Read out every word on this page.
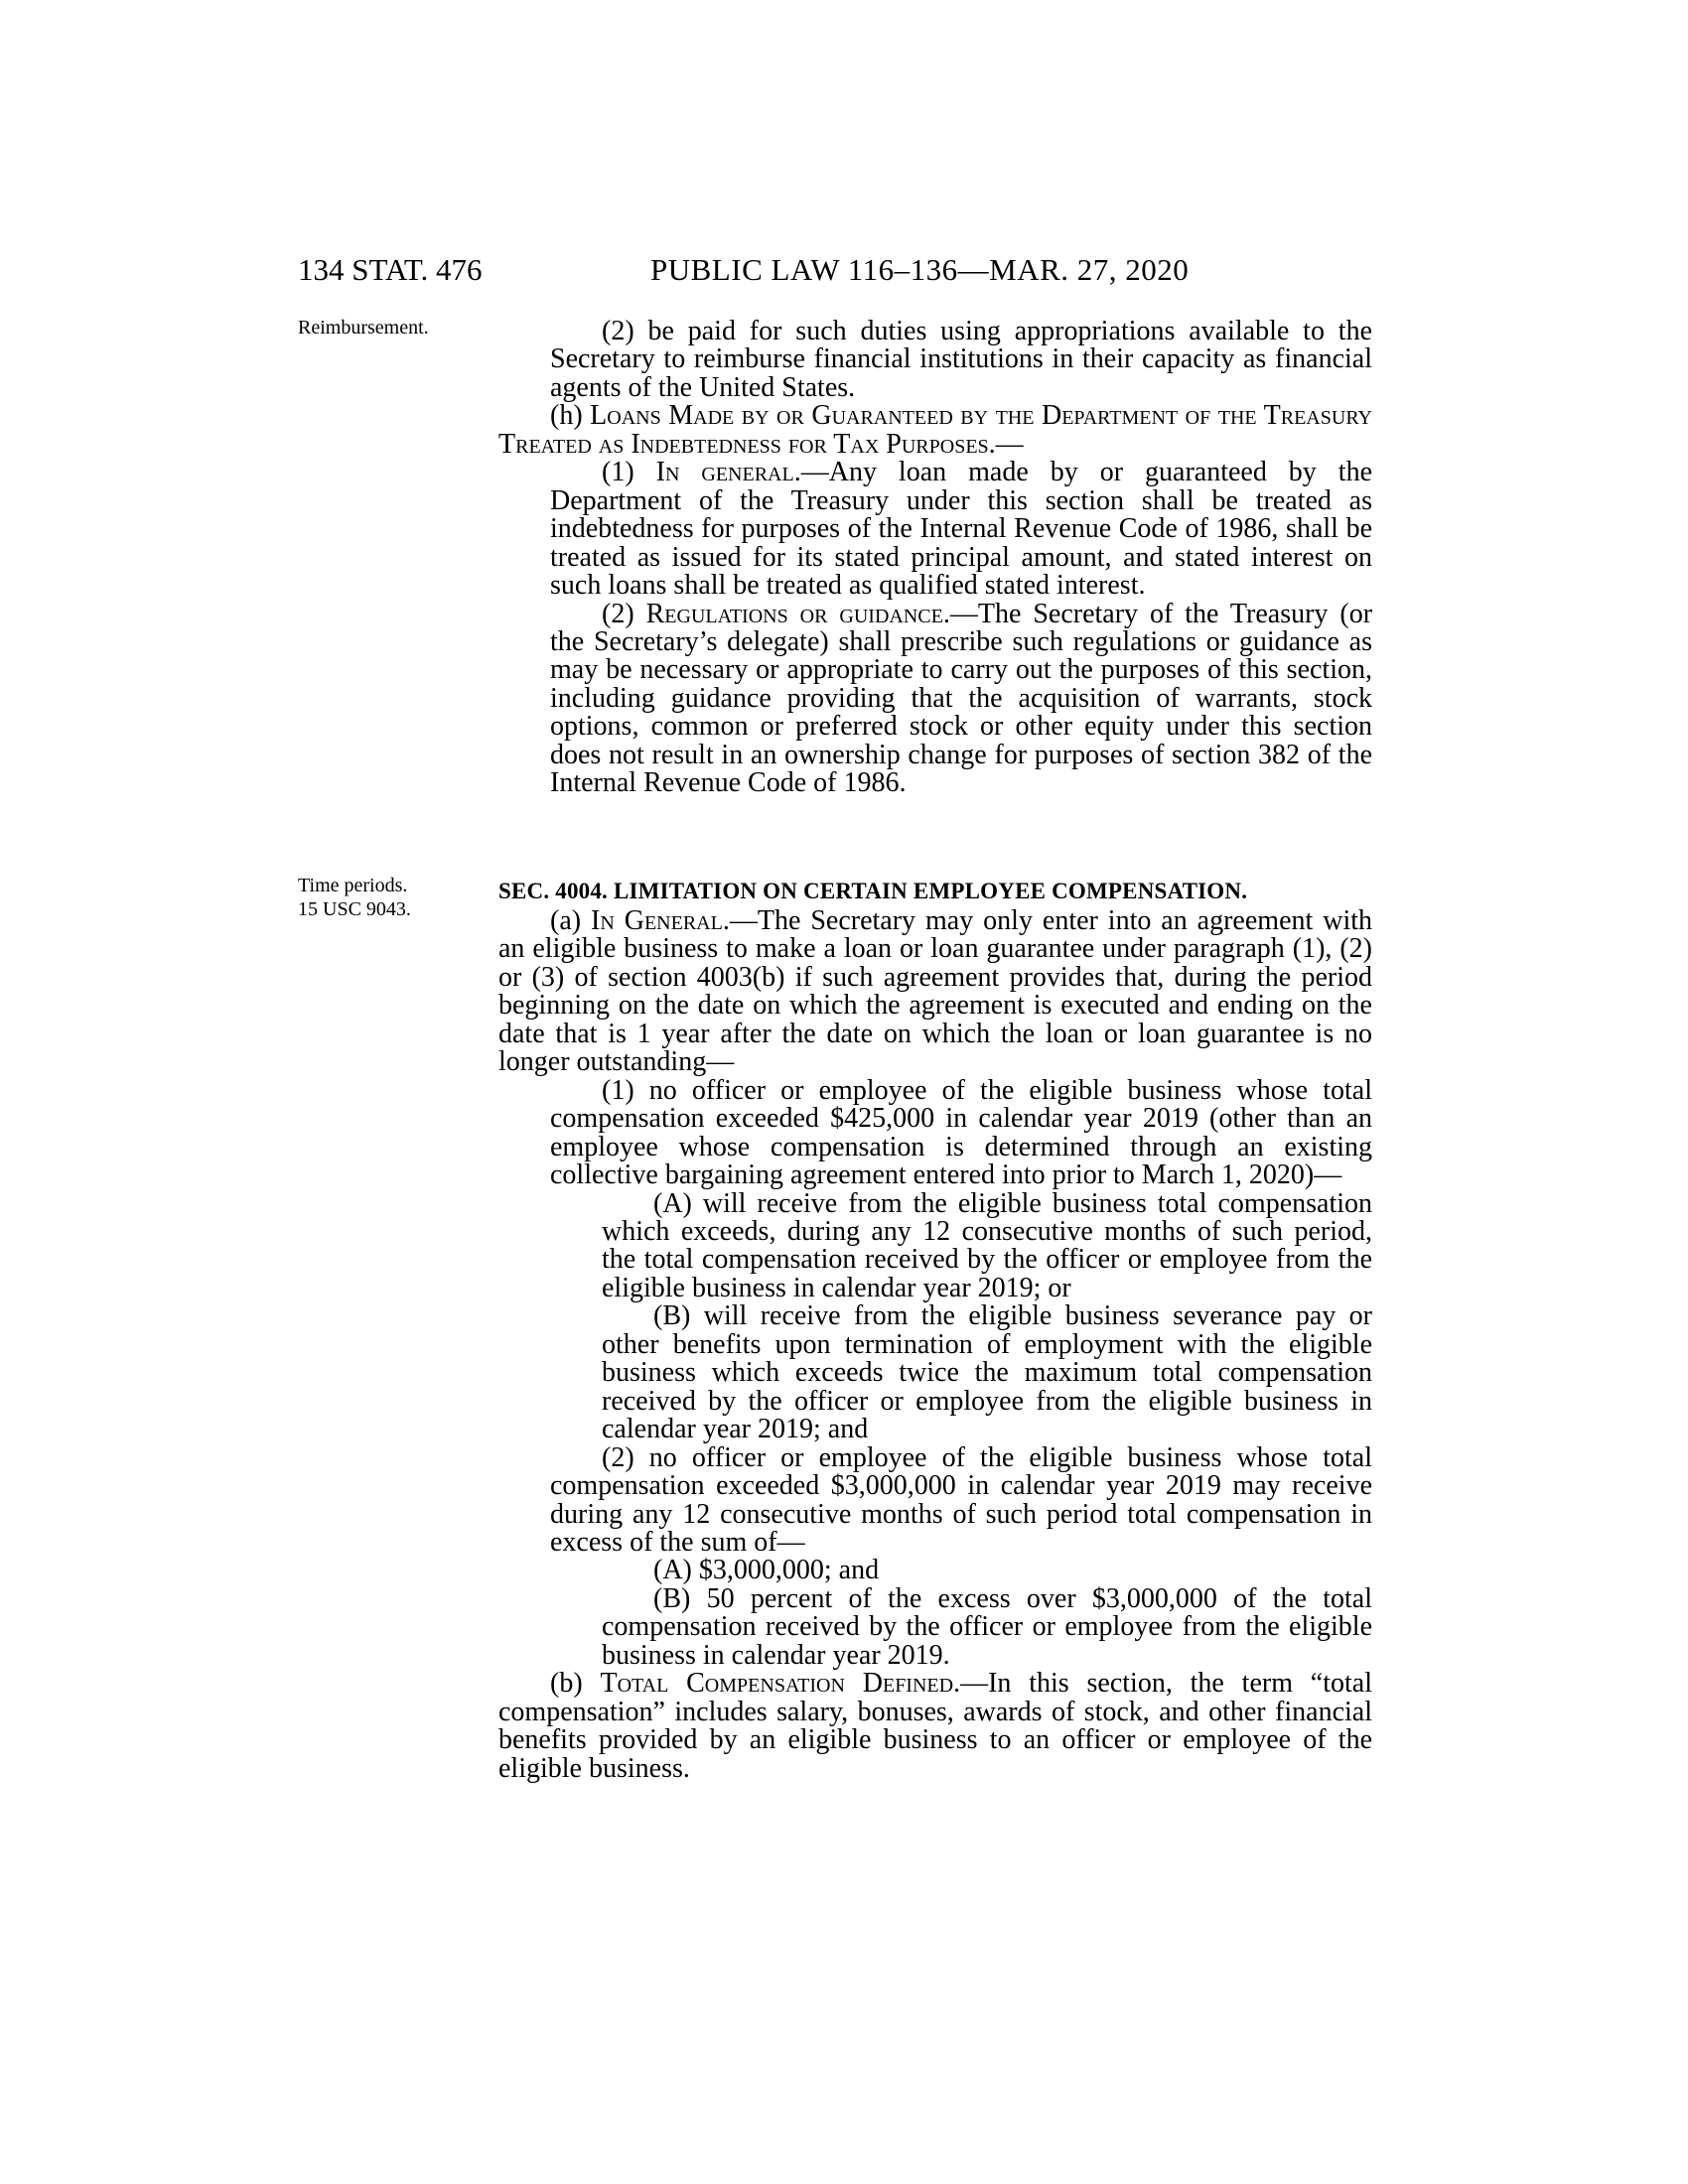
134 STAT. 476	PUBLIC LAW 116–136—MAR. 27, 2020
Reimbursement.
Time periods.
15 USC 9043.

(2) be paid for such duties using appropriations available to the Secretary to reimburse financial institutions in their capacity as financial agents of the United States.

(h) Loans Made by or Guaranteed by the Department of the Treasury Treated as Indebtedness for Tax Purposes.—

(1) In general.—Any loan made by or guaranteed by the Department of the Treasury under this section shall be treated as indebtedness for purposes of the Internal Revenue Code of 1986, shall be treated as issued for its stated principal amount, and stated interest on such loans shall be treated as qualified stated interest.

(2) Regulations or guidance.—The Secretary of the Treasury (or the Secretary’s delegate) shall prescribe such regulations or guidance as may be necessary or appropriate to carry out the purposes of this section, including guidance providing that the acquisition of warrants, stock options, common or preferred stock or other equity under this section does not result in an ownership change for purposes of section 382 of the Internal Revenue Code of 1986.

SEC. 4004. LIMITATION ON CERTAIN EMPLOYEE COMPENSATION.

(a) In General.—The Secretary may only enter into an agreement with an eligible business to make a loan or loan guarantee under paragraph (1), (2) or (3) of section 4003(b) if such agreement provides that, during the period beginning on the date on which the agreement is executed and ending on the date that is 1 year after the date on which the loan or loan guarantee is no longer outstanding—

(1) no officer or employee of the eligible business whose total compensation exceeded $425,000 in calendar year 2019 (other than an employee whose compensation is determined through an existing collective bargaining agreement entered into prior to March 1, 2020)—

(A) will receive from the eligible business total compensation which exceeds, during any 12 consecutive months of such period, the total compensation received by the officer or employee from the eligible business in calendar year 2019; or

(B) will receive from the eligible business severance pay or other benefits upon termination of employment with the eligible business which exceeds twice the maximum total compensation received by the officer or employee from the eligible business in calendar year 2019; and

(2) no officer or employee of the eligible business whose total compensation exceeded $3,000,000 in calendar year 2019 may receive during any 12 consecutive months of such period total compensation in excess of the sum of—

(A) $3,000,000; and

(B) 50 percent of the excess over $3,000,000 of the total compensation received by the officer or employee from the eligible business in calendar year 2019.

(b) Total Compensation Defined.—In this section, the term “total compensation” includes salary, bonuses, awards of stock, and other financial benefits provided by an eligible business to an officer or employee of the eligible business.
